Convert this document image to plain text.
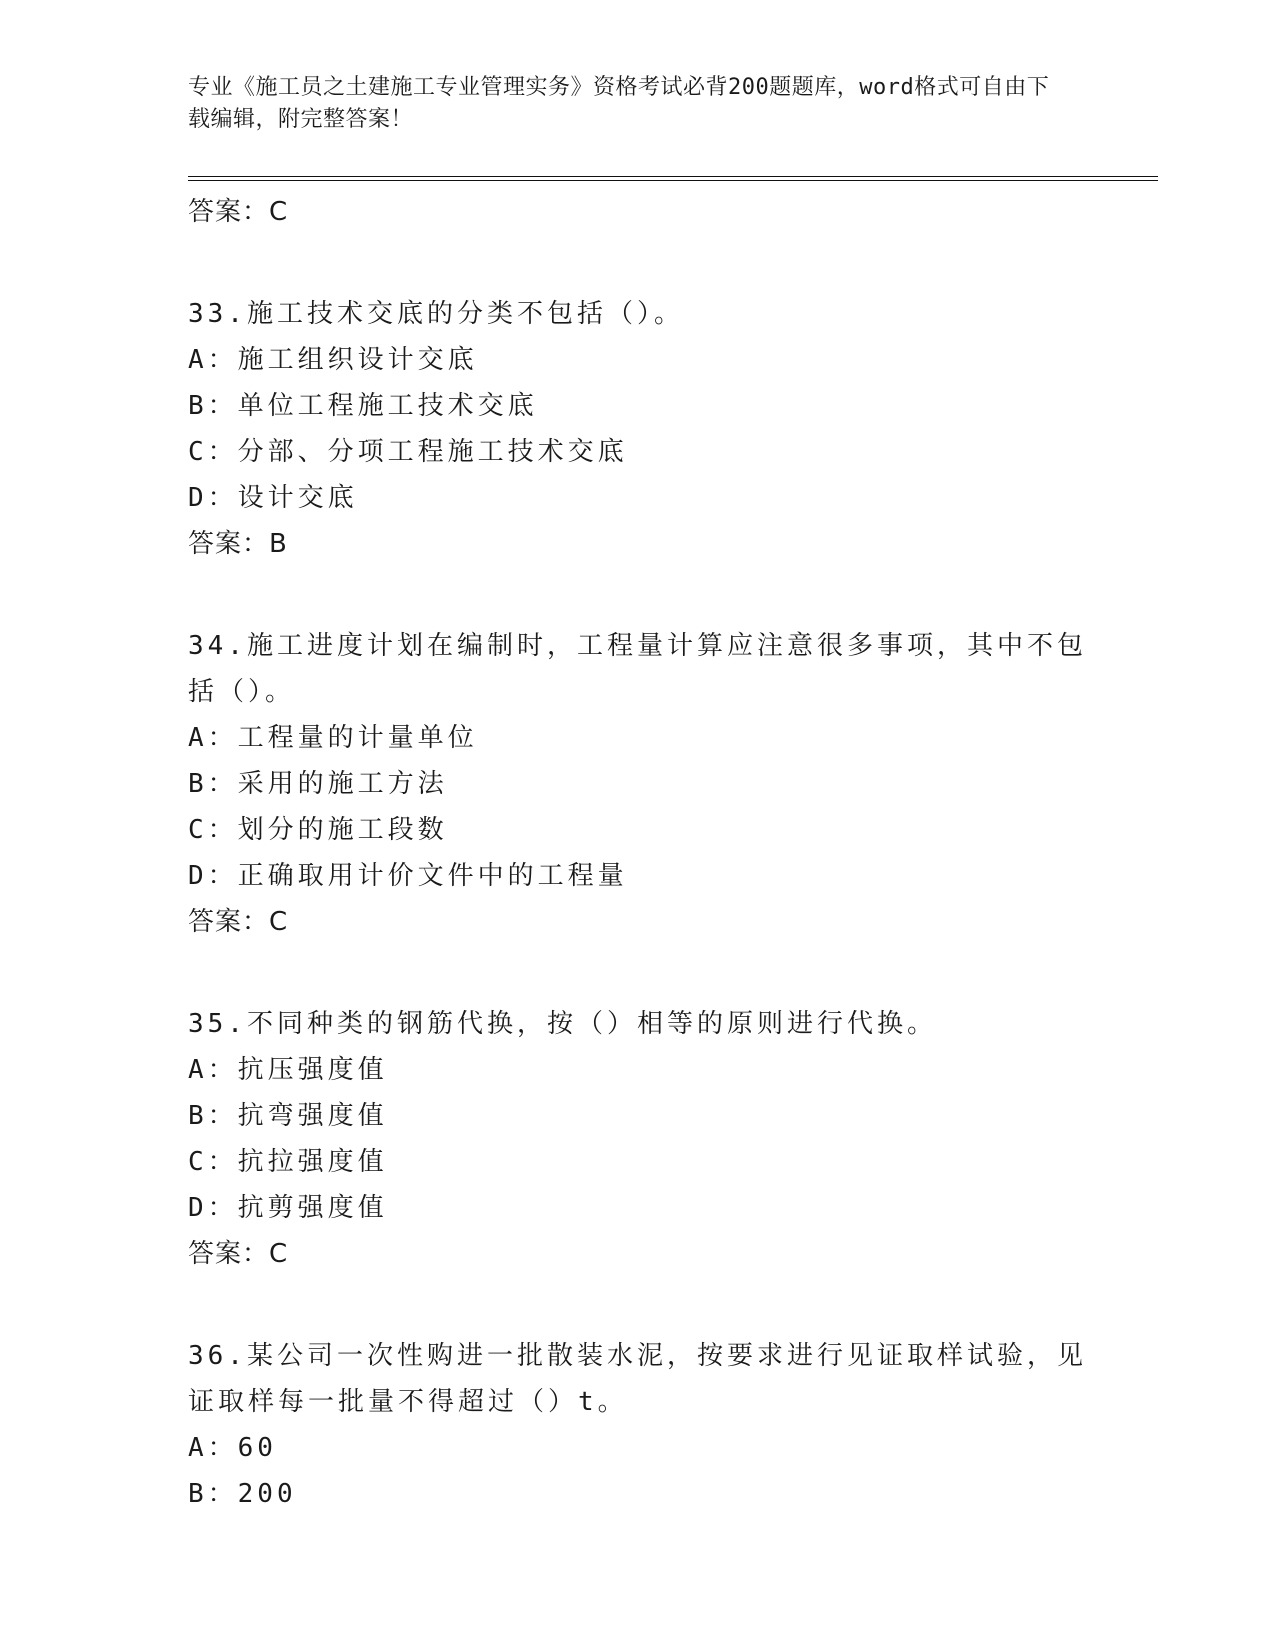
专业《施工员之土建施工专业管理实务》资格考试必背200题题库，word格式可自由下载编辑，附完整答案！

答案：C
33.施工技术交底的分类不包括（）。
A：施工组织设计交底
B：单位工程施工技术交底
C：分部、分项工程施工技术交底
D：设计交底
答案：B
34.施工进度计划在编制时，工程量计算应注意很多事项，其中不包括（）。
A：工程量的计量单位
B：采用的施工方法
C：划分的施工段数
D：正确取用计价文件中的工程量
答案：C
35.不同种类的钢筋代换，按（）相等的原则进行代换。
A：抗压强度值
B：抗弯强度值
C：抗拉强度值
D：抗剪强度值
答案：C
36.某公司一次性购进一批散装水泥，按要求进行见证取样试验，见证取样每一批量不得超过（）t。
A：60
B：200
